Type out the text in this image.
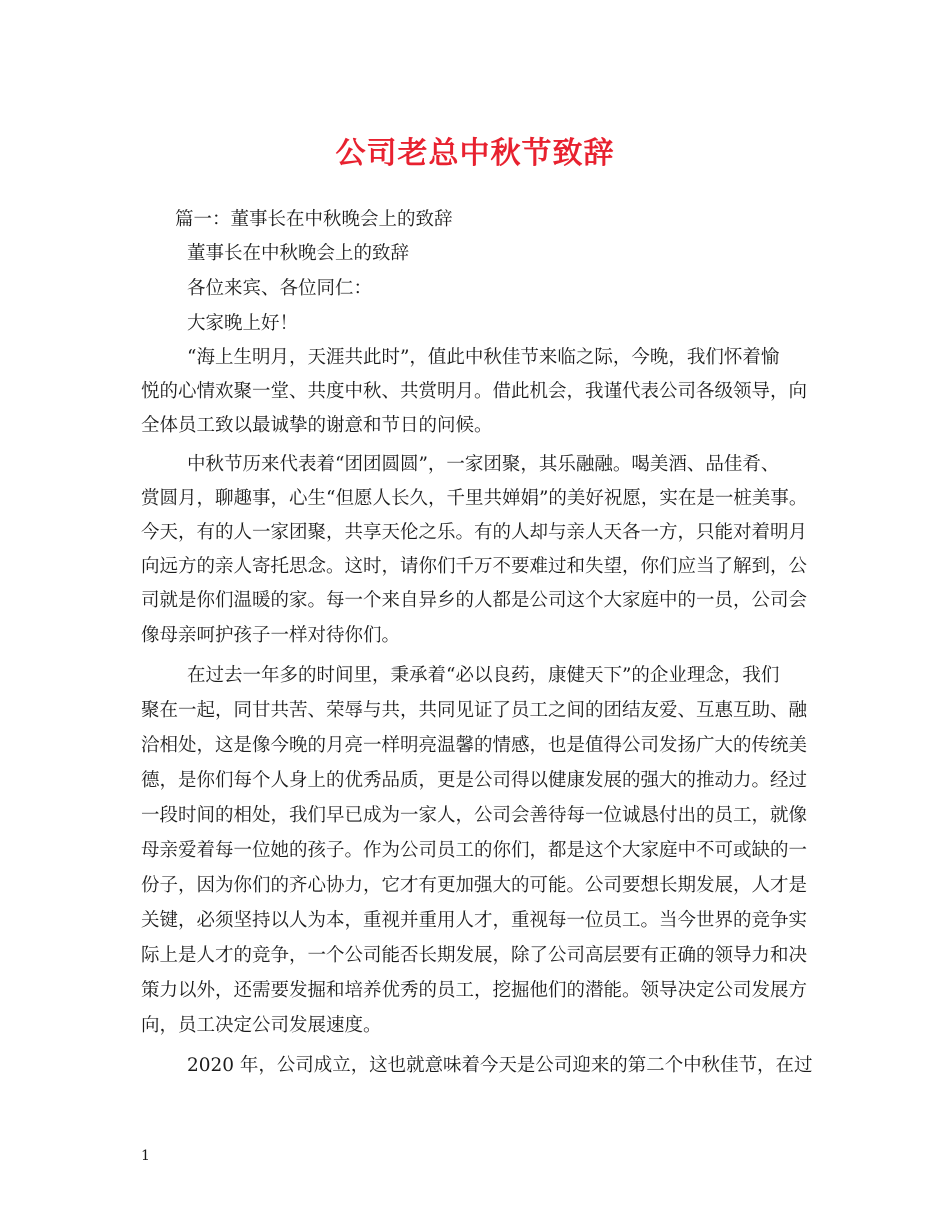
公司老总中秋节致辞
篇一：董事长在中秋晚会上的致辞
董事长在中秋晚会上的致辞
各位来宾、各位同仁：
大家晚上好！
“海上生明月，天涯共此时”，值此中秋佳节来临之际，今晚，我们怀着愉
悦的心情欢聚一堂、共度中秋、共赏明月。借此机会，我谨代表公司各级领导，向
全体员工致以最诚挚的谢意和节日的问候。
中秋节历来代表着“团团圆圆”，一家团聚，其乐融融。喝美酒、品佳肴、
赏圆月，聊趣事，心生“但愿人长久，千里共婵娟”的美好祝愿，实在是一桩美事。
今天，有的人一家团聚，共享天伦之乐。有的人却与亲人天各一方，只能对着明月
向远方的亲人寄托思念。这时，请你们千万不要难过和失望，你们应当了解到，公
司就是你们温暖的家。每一个来自异乡的人都是公司这个大家庭中的一员，公司会
像母亲呵护孩子一样对待你们。
在过去一年多的时间里，秉承着“必以良药，康健天下”的企业理念，我们
聚在一起，同甘共苦、荣辱与共，共同见证了员工之间的团结友爱、互惠互助、融
洽相处，这是像今晚的月亮一样明亮温馨的情感，也是值得公司发扬广大的传统美
德，是你们每个人身上的优秀品质，更是公司得以健康发展的强大的推动力。经过
一段时间的相处，我们早已成为一家人，公司会善待每一位诚恳付出的员工，就像
母亲爱着每一位她的孩子。作为公司员工的你们，都是这个大家庭中不可或缺的一
份子，因为你们的齐心协力，它才有更加强大的可能。公司要想长期发展，人才是
关键，必须坚持以人为本，重视并重用人才，重视每一位员工。当今世界的竞争实
际上是人才的竞争，一个公司能否长期发展，除了公司高层要有正确的领导力和决
策力以外，还需要发掘和培养优秀的员工，挖掘他们的潜能。领导决定公司发展方
向，员工决定公司发展速度。
2020 年，公司成立，这也就意味着今天是公司迎来的第二个中秋佳节，在过
1
